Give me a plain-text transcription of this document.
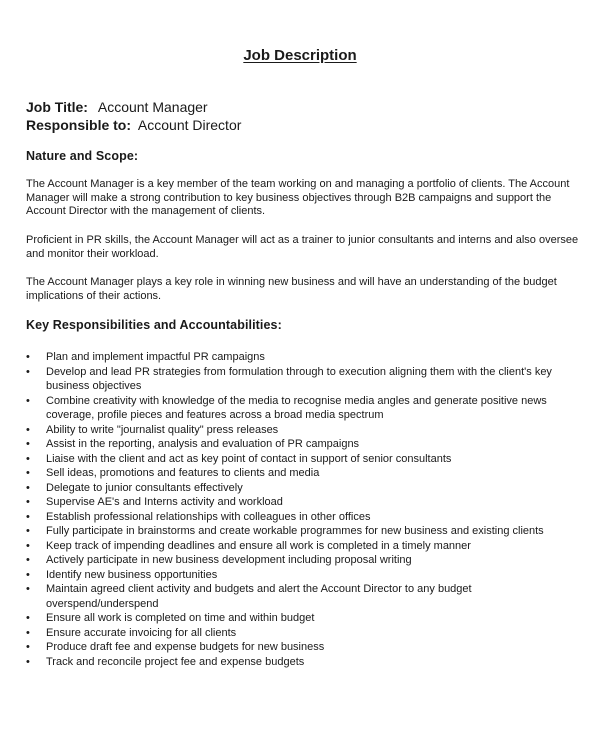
Job Description
Job Title: Account Manager
Responsible to: Account Director
Nature and Scope:

The Account Manager is a key member of the team working on and managing a portfolio of clients. The Account Manager will make a strong contribution to key business objectives through B2B campaigns and support the Account Director with the management of clients.

Proficient in PR skills, the Account Manager will act as a trainer to junior consultants and interns and also oversee and monitor their workload.

The Account Manager plays a key role in winning new business and will have an understanding of the budget implications of their actions.

Key Responsibilities and Accountabilities:
• Plan and implement impactful PR campaigns
• Develop and lead PR strategies from formulation through to execution aligning them with the client's key business objectives
• Combine creativity with knowledge of the media to recognise media angles and generate positive news coverage, profile pieces and features across a broad media spectrum
• Ability to write "journalist quality" press releases
• Assist in the reporting, analysis and evaluation of PR campaigns
• Liaise with the client and act as key point of contact in support of senior consultants
• Sell ideas, promotions and features to clients and media
• Delegate to junior consultants effectively
• Supervise AE's and Interns activity and workload
• Establish professional relationships with colleagues in other offices
• Fully participate in brainstorms and create workable programmes for new business and existing clients
• Keep track of impending deadlines and ensure all work is completed in a timely manner
• Actively participate in new business development including proposal writing
• Identify new business opportunities
• Maintain agreed client activity and budgets and alert the Account Director to any budget overspend/underspend
• Ensure all work is completed on time and within budget
• Ensure accurate invoicing for all clients
• Produce draft fee and expense budgets for new business
• Track and reconcile project fee and expense budgets
